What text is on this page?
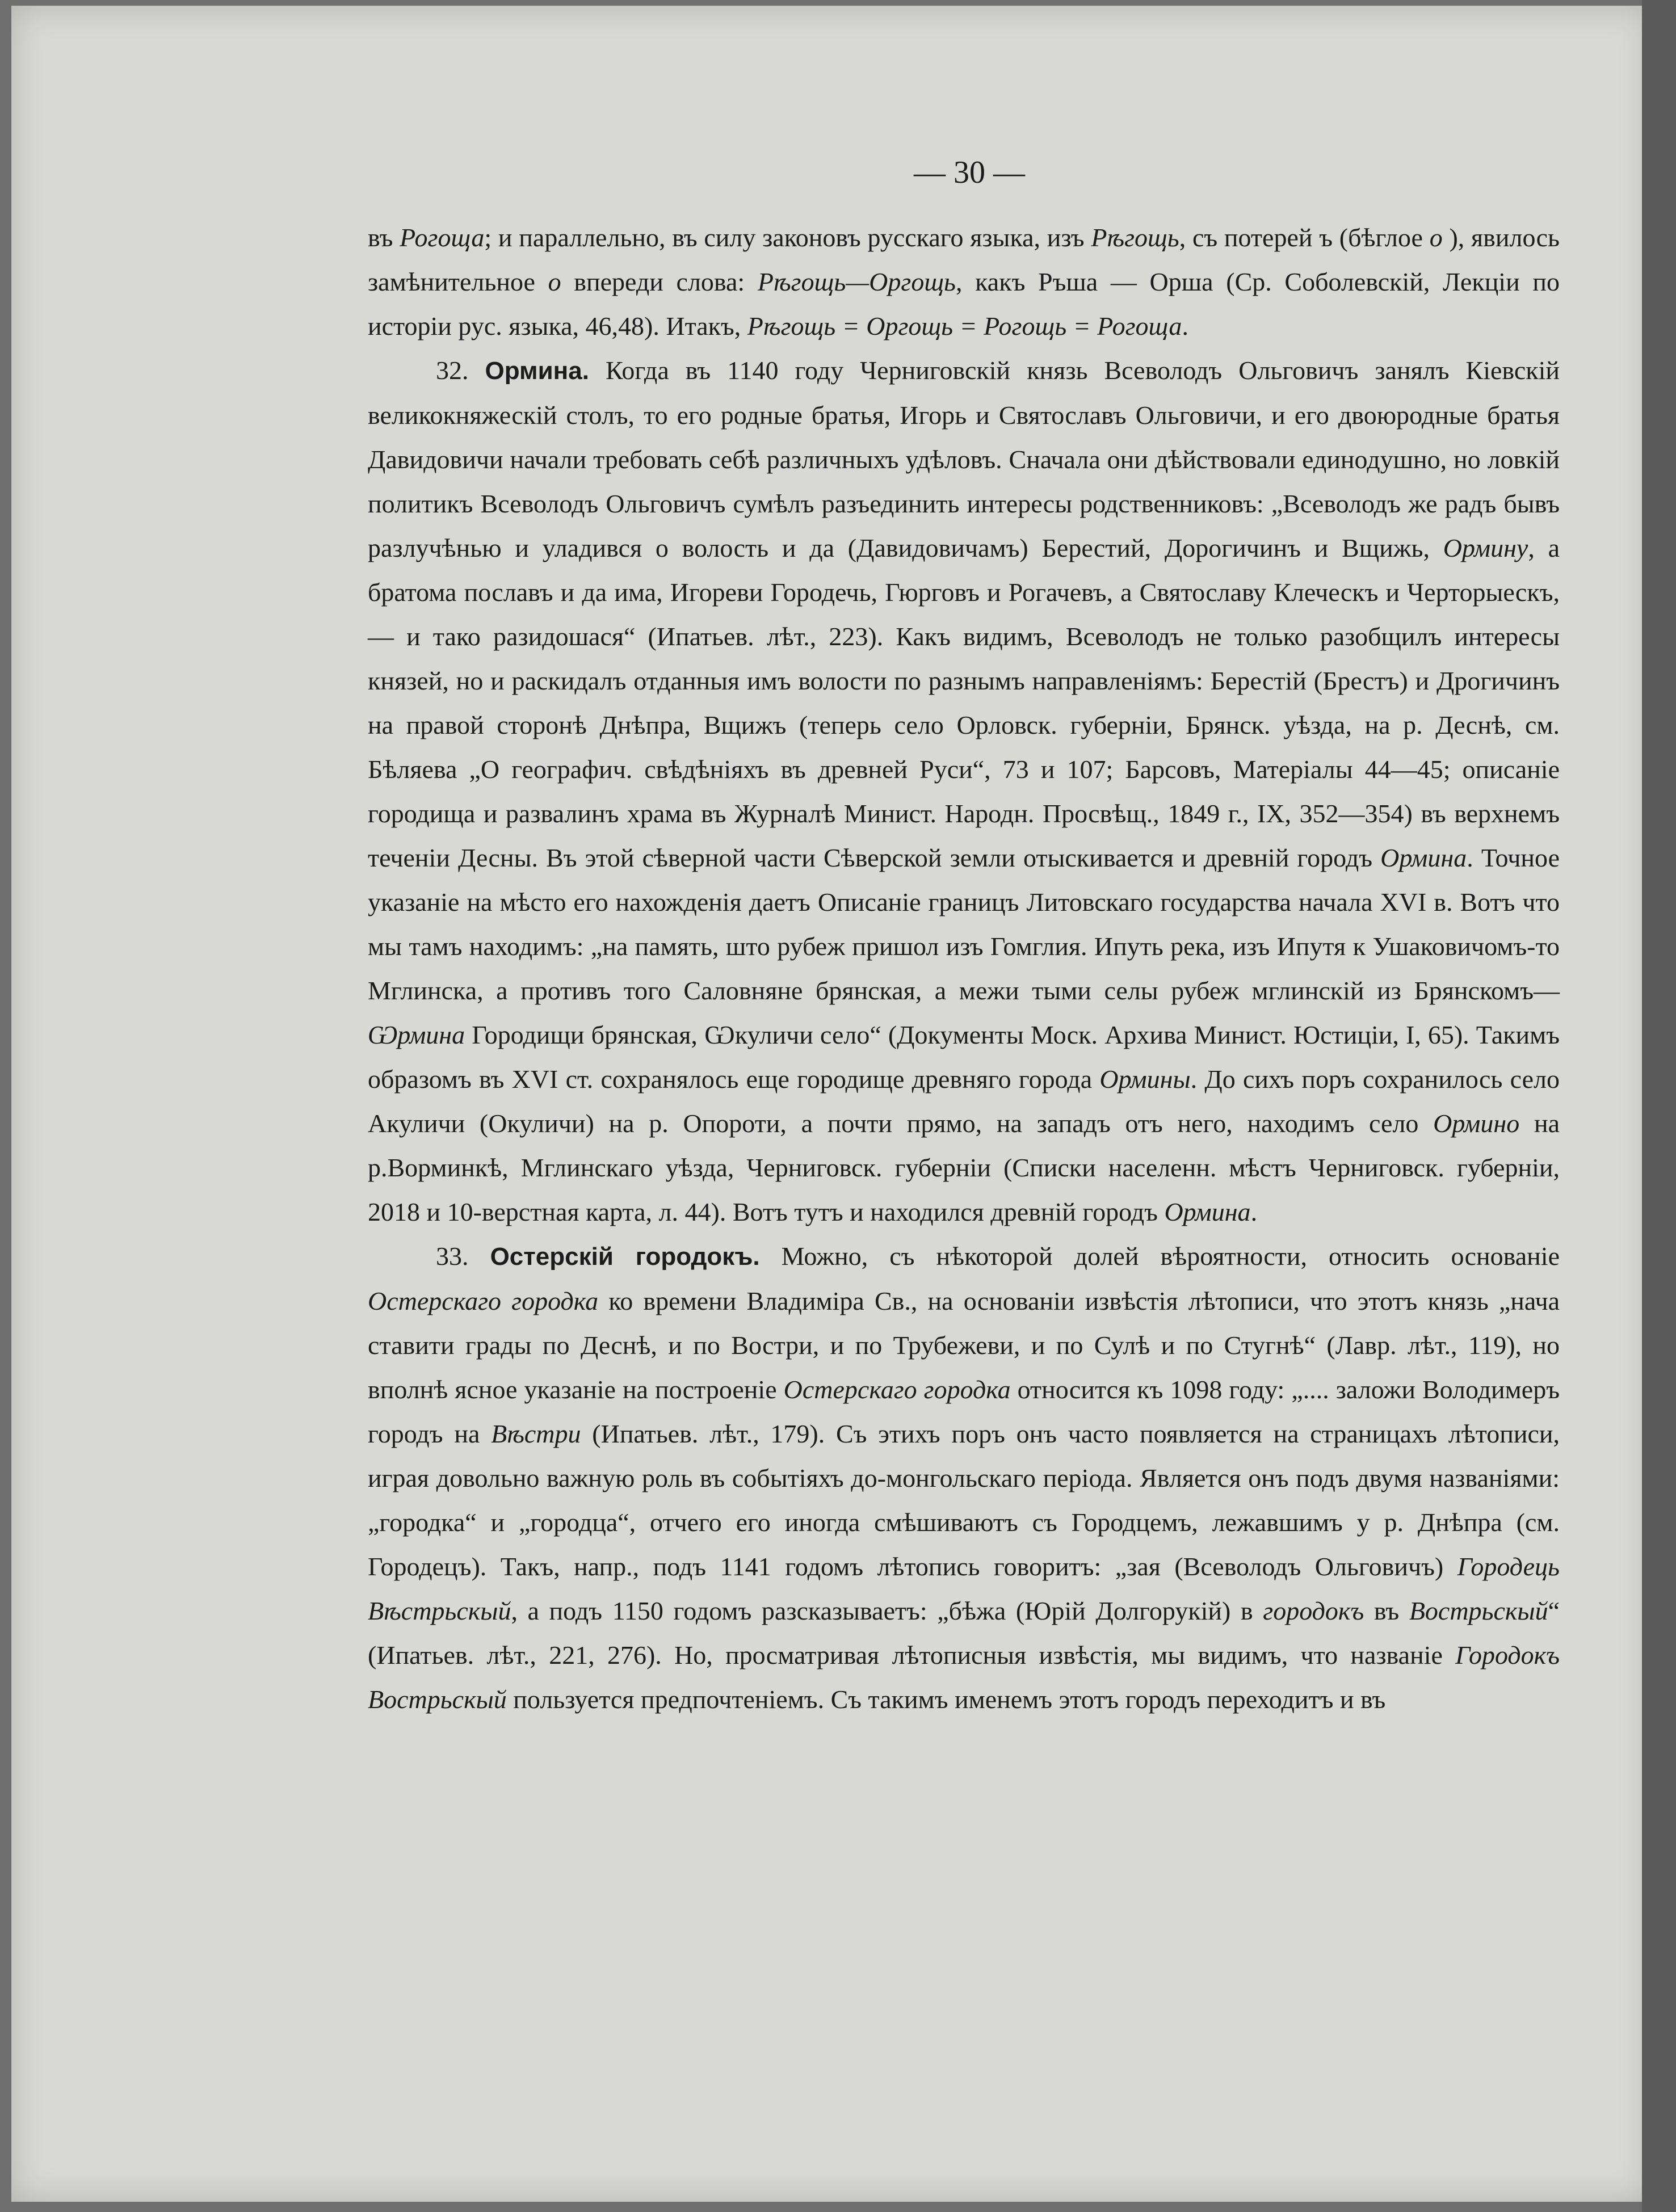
— 30 —

въ Рогоща; и параллельно, въ силу законовъ русскаго языка, изъ Рѣгощь, съ потерей ъ (бѣглое о ), явилось замѣнительное о впереди слова: Рѣгощь—Оргощь, какъ Ръша — Орша (Ср. Соболевскій, Лекціи по исторіи рус. языка, 46,48). Итакъ, Рѣгощь = Оргощь = Рогощь = Рогоща.

32. Ормина. Когда въ 1140 году Черниговскій князь Всеволодъ Ольговичъ занялъ Кіевскій великокняжескій столъ, то его родные братья, Игорь и Святославъ Ольговичи, и его двоюродные братья Давидовичи начали требовать себѣ различныхъ удѣловъ. Сначала они дѣйствовали единодушно, но ловкій политикъ Всеволодъ Ольговичъ сумѣлъ разъединить интересы родственниковъ: „Всеволодъ же радъ бывъ разлучѣнью и уладився о волость и да (Давидовичамъ) Берестий, Дорогичинъ и Вщижь, Ормину, а братома пославъ и да има, Игореви Городечь, Гюрговъ и Рогачевъ, а Святославу Клеческъ и Черторыескъ,— и тако разидошася“ (Ипатьев. лѣт., 223). Какъ видимъ, Всеволодъ не только разобщилъ интересы князей, но и раскидалъ отданныя имъ волости по разнымъ направленіямъ: Берестій (Брестъ) и Дрогичинъ на правой сторонѣ Днѣпра, Вщижъ (теперь село Орловск. губерніи, Брянск. уѣзда, на р. Деснѣ, см. Бѣляева „О географич. свѣдѣніяхъ въ древней Руси“, 73 и 107; Барсовъ, Матеріалы 44—45; описаніе городища и развалинъ храма въ Журналѣ Минист. Народн. Просвѣщ., 1849 г., IX, 352—354) въ верхнемъ теченіи Десны. Въ этой сѣверной части Сѣверской земли отыскивается и древній городъ Ормина. Точное указаніе на мѣсто его нахожденія даетъ Описаніе границъ Литовскаго государства начала XVI в. Вотъ что мы тамъ находимъ: „на память, што рубеж пришол изъ Гомглия. Ипуть река, изъ Ипутя к Ушаковичомъ-то Мглинска, а противъ того Саловняне брянская, а межи тыми селы рубеж мглинскій из Брянскомъ—Ѡрмина Городищи брянская, Ѡкуличи село“ (Документы Моск. Архива Минист. Юстиціи, I, 65). Такимъ образомъ въ XVI ст. сохранялось еще городище древняго города Ормины. До сихъ поръ сохранилось село Акуличи (Окуличи) на р. Опороти, а почти прямо, на западъ отъ него, находимъ село Ормино на р.Ворминкѣ, Мглинскаго уѣзда, Черниговск. губерніи (Списки населенн. мѣстъ Черниговск. губерніи, 2018 и 10-верстная карта, л. 44). Вотъ тутъ и находился древній городъ Ормина.

33. Остерскій городокъ. Можно, съ нѣкоторой долей вѣроятности, относить основаніе Остерскаго городка ко времени Владиміра Св., на основаніи извѣстія лѣтописи, что этотъ князь „нача ставити грады по Деснѣ, и по Востри, и по Трубежеви, и по Сулѣ и по Стугнѣ“ (Лавр. лѣт., 119), но вполнѣ ясное указаніе на построеніе Остерскаго городка относится къ 1098 году: „.... заложи Володимеръ городъ на Вѣстри (Ипатьев. лѣт., 179). Съ этихъ поръ онъ часто появляется на страницахъ лѣтописи, играя довольно важную роль въ событіяхъ до-монгольскаго періода. Является онъ подъ двумя названіями: „городка“ и „городца“, отчего его иногда смѣшиваютъ съ Городцемъ, лежавшимъ у р. Днѣпра (см. Городецъ). Такъ, напр., подъ 1141 годомъ лѣтопись говоритъ: „зая (Всеволодъ Ольговичъ) Городець Вѣстрьскый, а подъ 1150 годомъ разсказываетъ: „бѣжа (Юрій Долгорукій) в городокъ въ Вострьскый“ (Ипатьев. лѣт., 221, 276). Но, просматривая лѣтописныя извѣстія, мы видимъ, что названіе Городокъ Вострьскый пользуется предпочтеніемъ. Съ такимъ именемъ этотъ городъ переходитъ и въ
